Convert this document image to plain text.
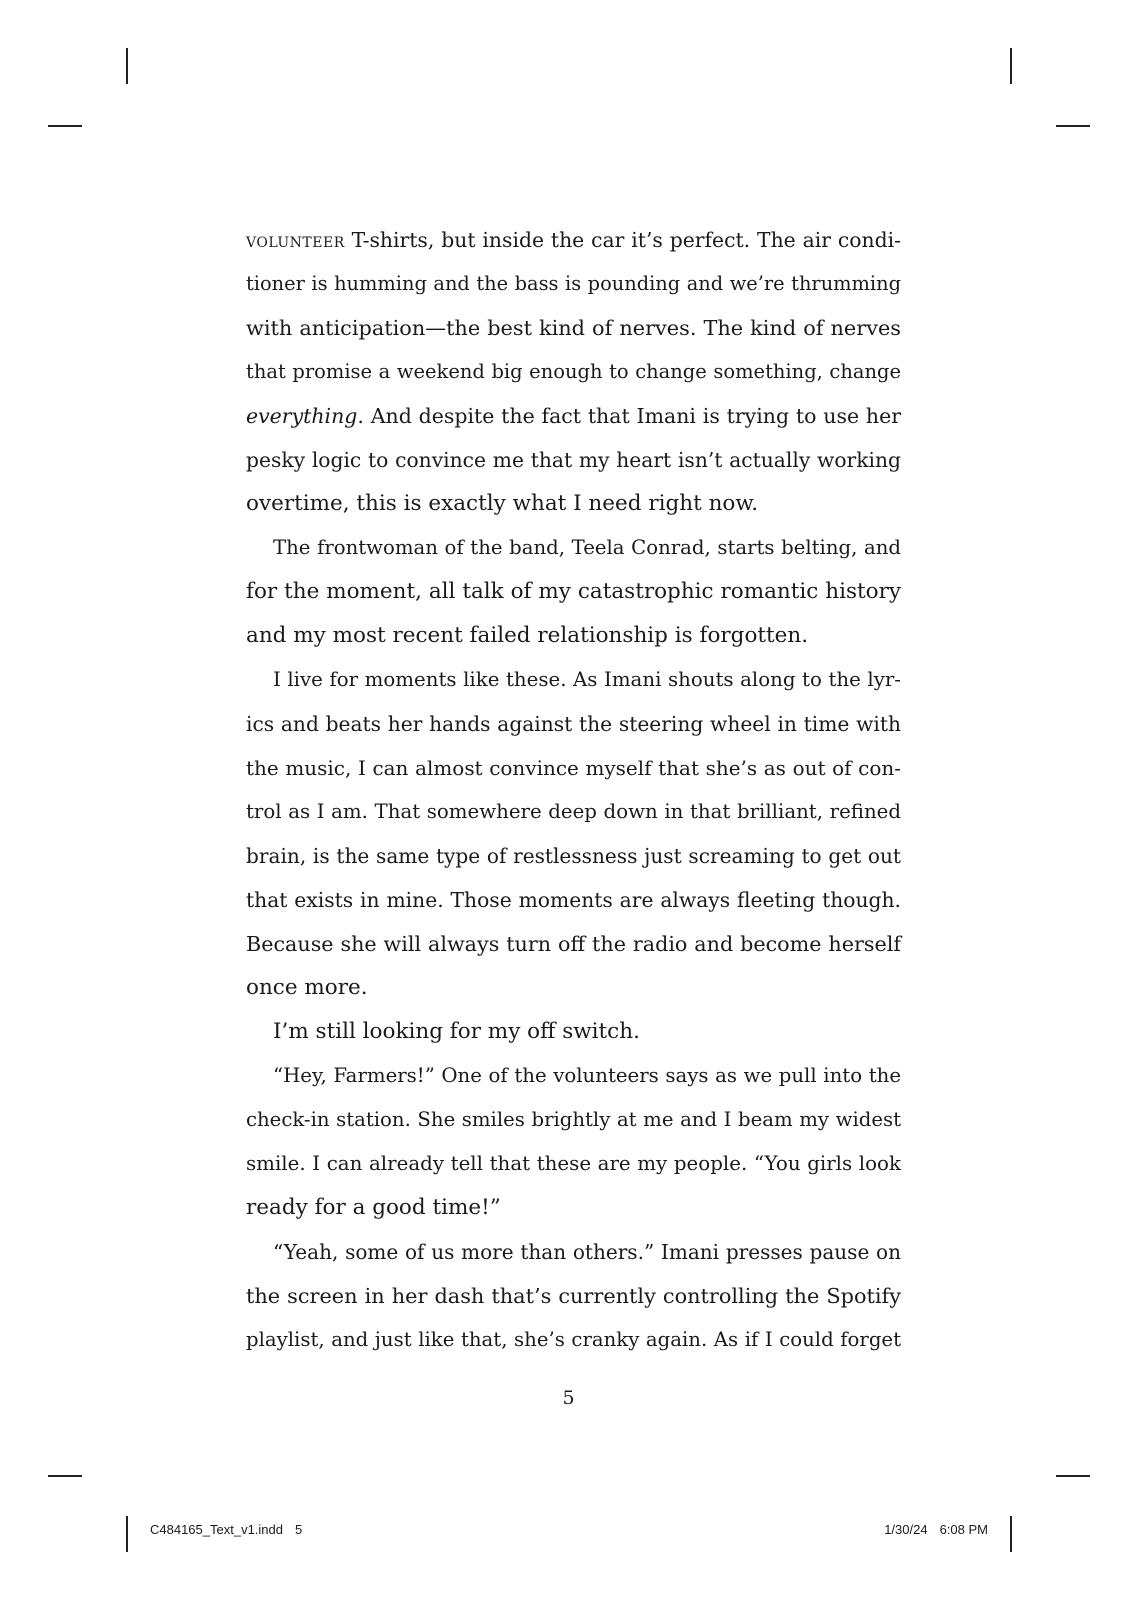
volunteer T-shirts, but inside the car it’s perfect. The air condi-
tioner is humming and the bass is pounding and we’re thrumming
with anticipation—the best kind of nerves. The kind of nerves
that promise a weekend big enough to change something, change
everything. And despite the fact that Imani is trying to use her
pesky logic to convince me that my heart isn’t actually working
overtime, this is exactly what I need right now.
The frontwoman of the band, Teela Conrad, starts belting, and
for the moment, all talk of my catastrophic romantic history
and my most recent failed relationship is forgotten.
I live for moments like these. As Imani shouts along to the lyr-
ics and beats her hands against the steering wheel in time with
the music, I can almost convince myself that she’s as out of con-
trol as I am. That somewhere deep down in that brilliant, refined
brain, is the same type of restlessness just screaming to get out
that exists in mine. Those moments are always fleeting though.
Because she will always turn off the radio and become herself
once more.
I’m still looking for my off switch.
“Hey, Farmers!” One of the volunteers says as we pull into the
check-in station. She smiles brightly at me and I beam my widest
smile. I can already tell that these are my people. “You girls look
ready for a good time!”
“Yeah, some of us more than others.” Imani presses pause on
the screen in her dash that’s currently controlling the Spotify
playlist, and just like that, she’s cranky again. As if I could forget
5
C484165_Text_v1.indd 5	1/30/24 6:08 PM
